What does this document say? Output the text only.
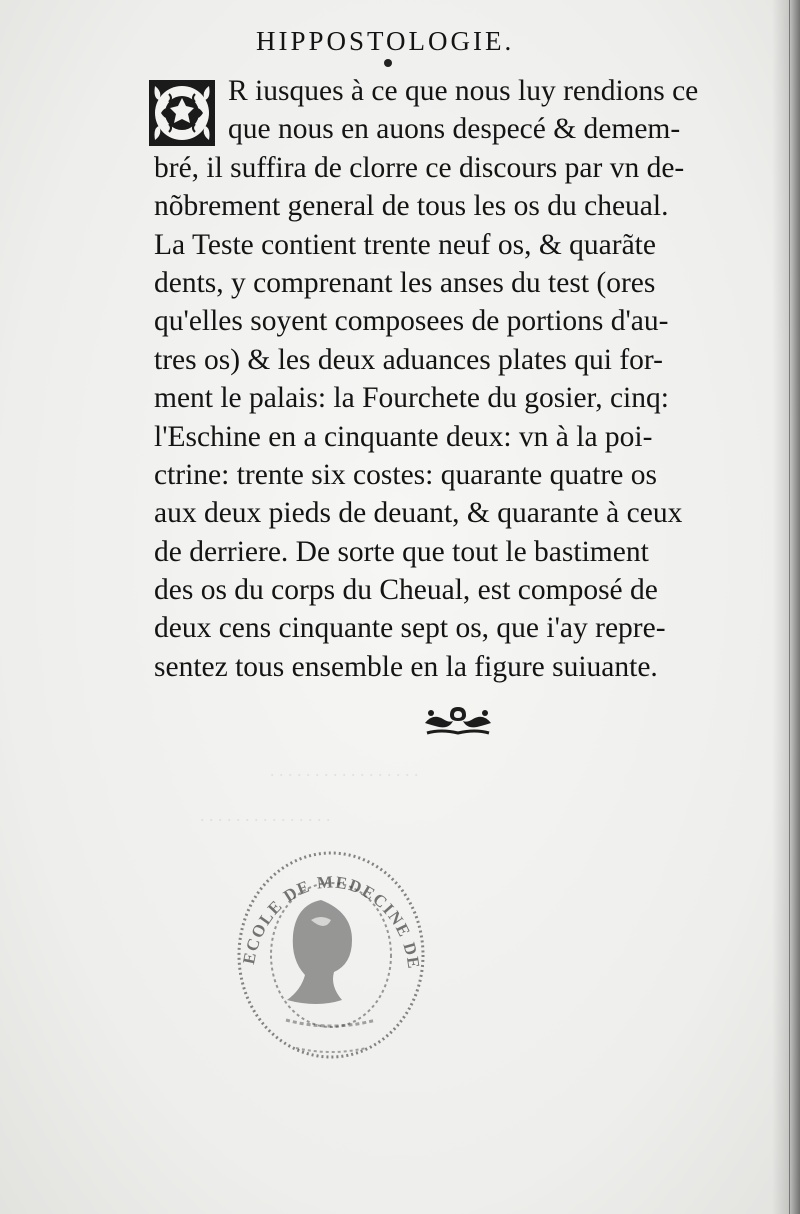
. . . . . . . . . . . . . . . . .
. . . . . . . . . . . . . . .
HIPPOSTOLOGIE.
R iusques à ce que nous luy rendions ce
que nous en auons despecé & demem-
bré, il suffira de clorre ce discours par vn de-
nõbrement general de tous les os du cheual.
La Teste contient trente neuf os, & quarãte
dents, y comprenant les anses du test (ores
qu'elles soyent composees de portions d'au-
tres os) & les deux aduances plates qui for-
ment le palais: la Fourchete du gosier, cinq:
l'Eschine en a cinquante deux: vn à la poi-
ctrine: trente six costes: quarante quatre os
aux deux pieds de deuant, & quarante à ceux
de derriere. De sorte que tout le bastiment
des os du corps du Cheual, est composé de
deux cens cinquante sept os, que i'ay repre-
sentez tous ensemble en la figure suiuante.
ECOLE DE MEDECINE DE
